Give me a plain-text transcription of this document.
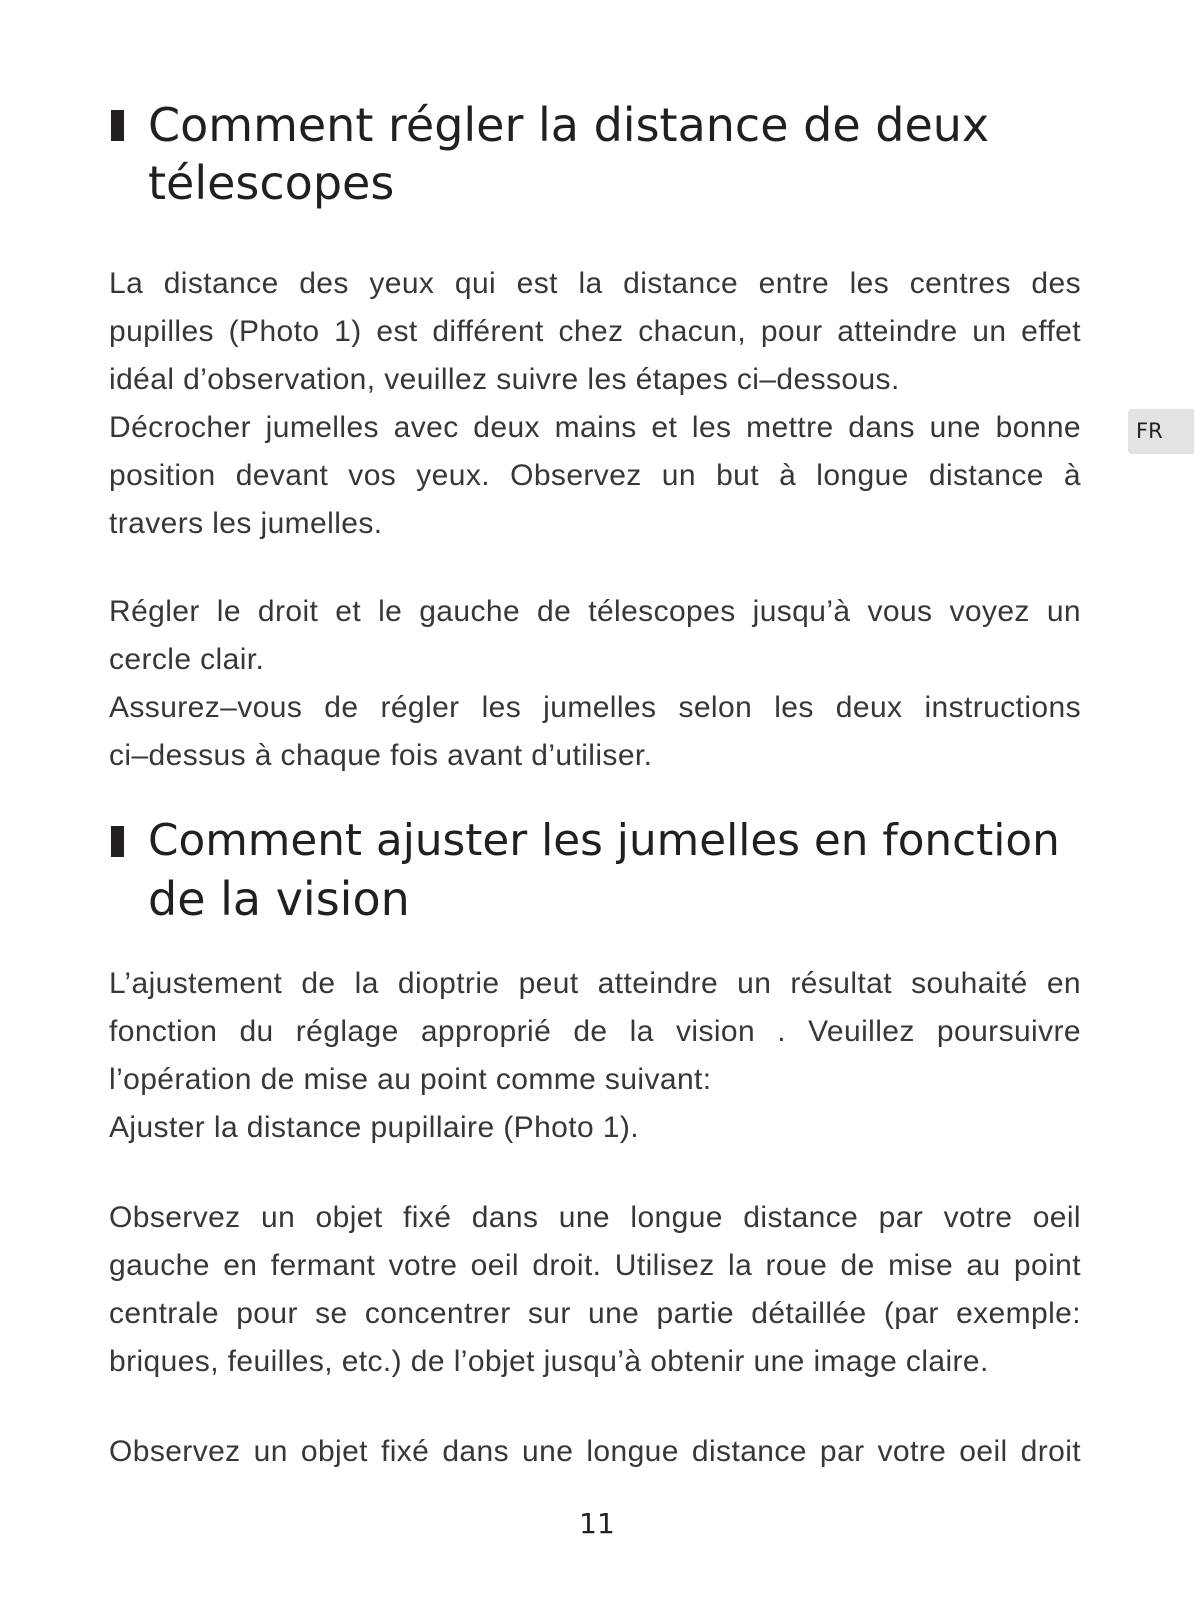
Comment régler la distance de deux
télescopes
La distance des yeux qui est la distance entre les centres des
pupilles (Photo 1) est différent chez chacun, pour atteindre un effet
idéal d’observation, veuillez suivre les étapes ci–dessous.
Décrocher jumelles avec deux mains et les mettre dans une bonne
position devant vos yeux. Observez un but à longue distance à
travers les jumelles.
Régler le droit et le gauche de télescopes jusqu’à vous voyez un
cercle clair.
Assurez–vous de régler les jumelles selon les deux instructions
ci–dessus à chaque fois avant d’utiliser.
Comment ajuster les jumelles en fonction
de la vision
L’ajustement de la dioptrie peut atteindre un résultat souhaité en
fonction du réglage approprié de la vision . Veuillez poursuivre
l’opération de mise au point comme suivant:
Ajuster la distance pupillaire (Photo 1).
Observez un objet fixé dans une longue distance par votre oeil
gauche en fermant votre oeil droit. Utilisez la roue de mise au point
centrale pour se concentrer sur une partie détaillée (par exemple:
briques, feuilles, etc.) de l’objet jusqu’à obtenir une image claire.
Observez un objet fixé dans une longue distance par votre oeil droit
FR
11
